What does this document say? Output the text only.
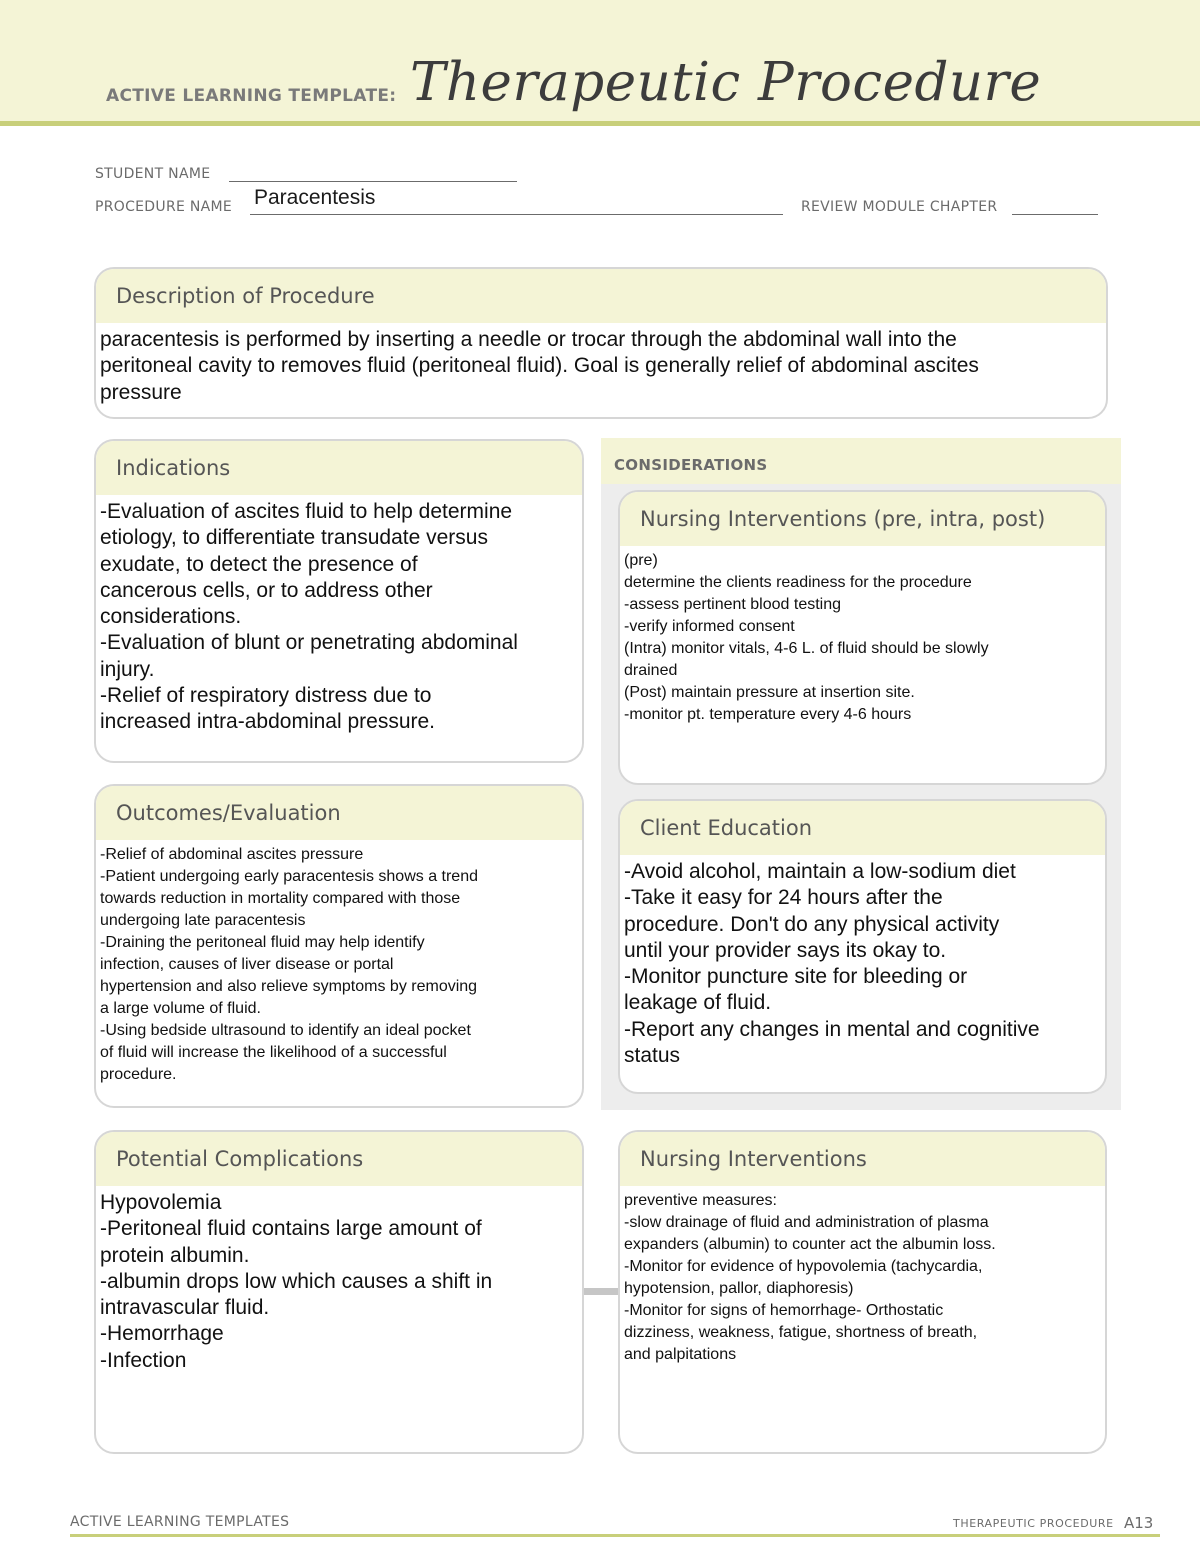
ACTIVE LEARNING TEMPLATE: Therapeutic Procedure
STUDENT NAME
PROCEDURE NAME Paracentesis	REVIEW MODULE CHAPTER
Description of Procedure
paracentesis is performed by inserting a needle or trocar through the abdominal wall into the
peritoneal cavity to removes fluid (peritoneal fluid). Goal is generally relief of abdominal ascites
pressure
CONSIDERATIONS
Indications
-Evaluation of ascites fluid to help determine
etiology, to differentiate transudate versus
exudate, to detect the presence of
cancerous cells, or to address other
considerations.
-Evaluation of blunt or penetrating abdominal
injury.
-Relief of respiratory distress due to
increased intra-abdominal pressure.
Nursing Interventions (pre, intra, post)
(pre)
determine the clients readiness for the procedure
-assess pertinent blood testing
-verify informed consent
(Intra) monitor vitals, 4-6 L. of fluid should be slowly
drained
(Post) maintain pressure at insertion site.
-monitor pt. temperature every 4-6 hours
Outcomes/Evaluation
-Relief of abdominal ascites pressure
-Patient undergoing early paracentesis shows a trend
towards reduction in mortality compared with those
undergoing late paracentesis
-Draining the peritoneal fluid may help identify
infection, causes of liver disease or portal
hypertension and also relieve symptoms by removing
a large volume of fluid.
-Using bedside ultrasound to identify an ideal pocket
of fluid will increase the likelihood of a successful
procedure.
Client Education
-Avoid alcohol, maintain a low-sodium diet
-Take it easy for 24 hours after the
procedure. Don't do any physical activity
until your provider says its okay to.
-Monitor puncture site for bleeding or
leakage of fluid.
-Report any changes in mental and cognitive
status
Potential Complications
Hypovolemia
-Peritoneal fluid contains large amount of
protein albumin.
-albumin drops low which causes a shift in
intravascular fluid.
-Hemorrhage
-Infection
Nursing Interventions
preventive measures:
-slow drainage of fluid and administration of plasma
expanders (albumin) to counter act the albumin loss.
-Monitor for evidence of hypovolemia (tachycardia,
hypotension, pallor, diaphoresis)
-Monitor for signs of hemorrhage- Orthostatic
dizziness, weakness, fatigue, shortness of breath,
and palpitations
ACTIVE LEARNING TEMPLATES	THERAPEUTIC PROCEDURE A13
